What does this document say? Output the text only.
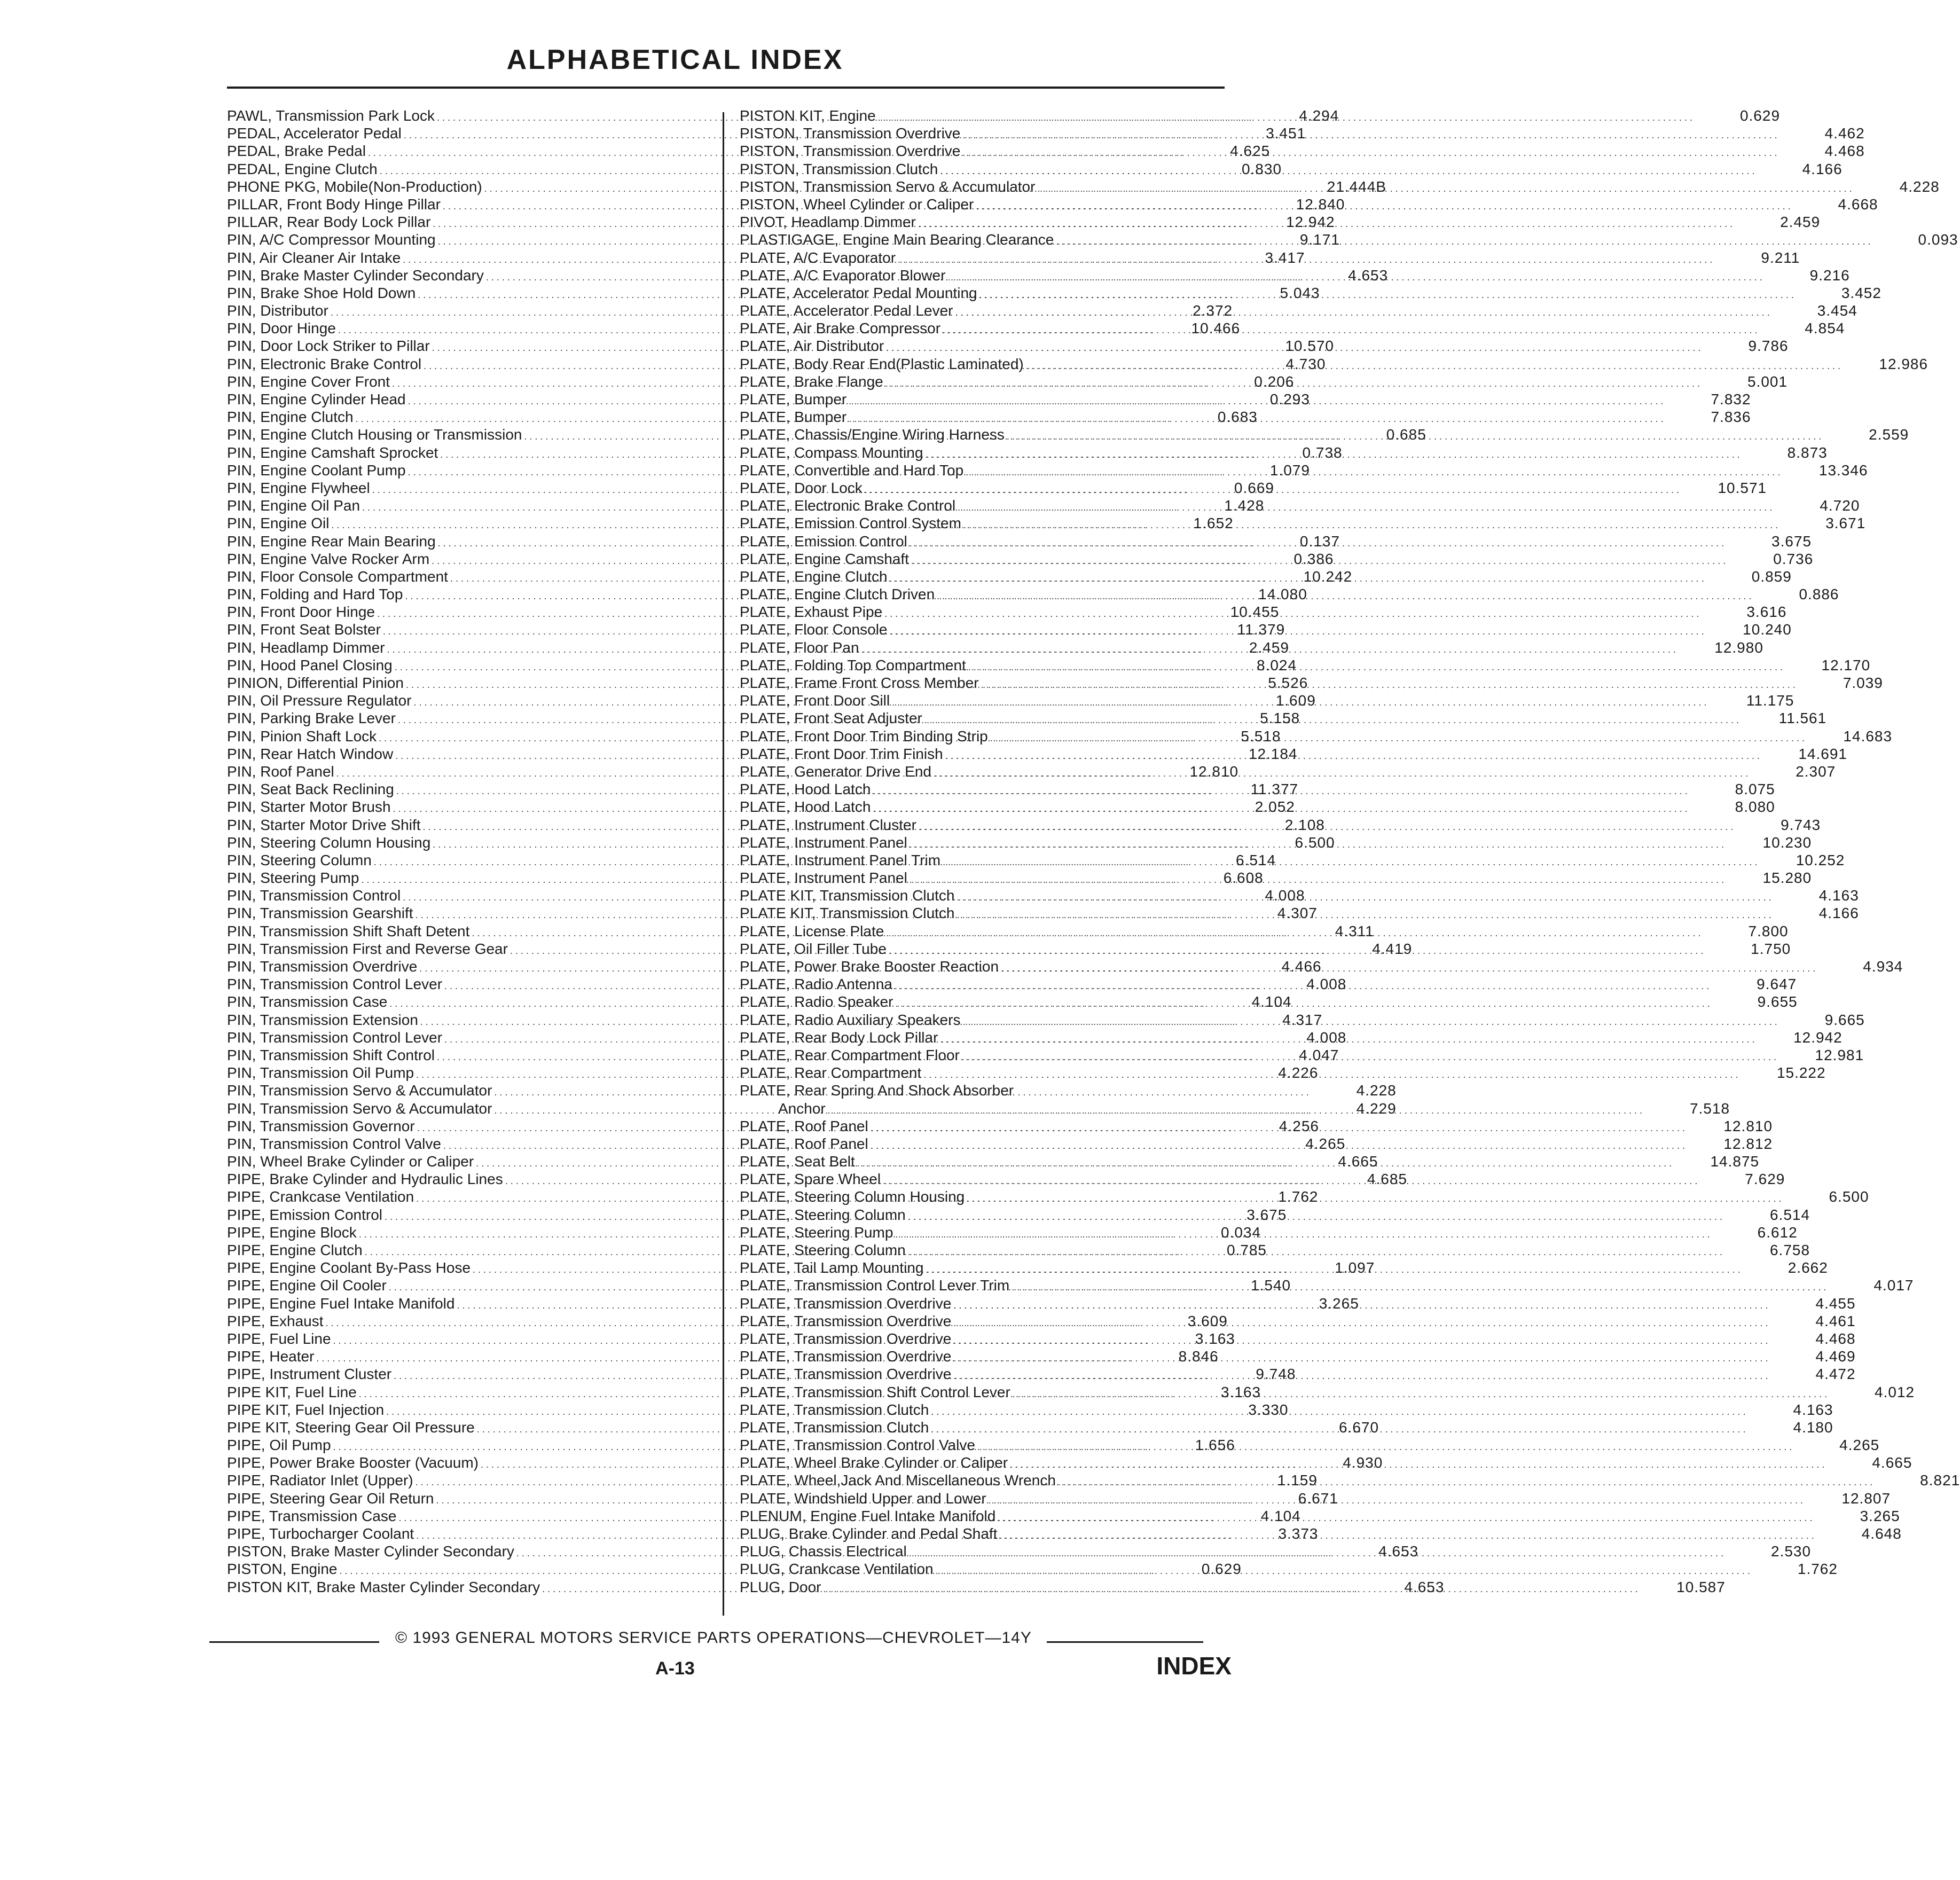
ALPHABETICAL INDEX
PAWL, Transmission Park Lock . . .	4.294
PEDAL, Accelerator Pedal . . .	3.451
PEDAL, Brake Pedal . . .	4.625
PEDAL, Engine Clutch . . .	0.830
PHONE PKG, Mobile(Non-Production) . . .	21.444B
PILLAR, Front Body Hinge Pillar . . .	12.840
PILLAR, Rear Body Lock Pillar . . .	12.942
PIN, A/C Compressor Mounting . . .	9.171
PIN, Air Cleaner Air Intake . . .	3.417
PIN, Brake Master Cylinder Secondary . . .	4.653
PIN, Brake Shoe Hold Down . . .	5.043
PIN, Distributor . . .	2.372
PIN, Door Hinge . . .	10.466
PIN, Door Lock Striker to Pillar . . .	10.570
PIN, Electronic Brake Control . . .	4.730
PIN, Engine Cover Front . . .	0.206
PIN, Engine Cylinder Head . . .	0.293
PIN, Engine Clutch . . .	0.683
PIN, Engine Clutch Housing or Transmission . . .	0.685
PIN, Engine Camshaft Sprocket . . .	0.738
PIN, Engine Coolant Pump . . .	1.079
PIN, Engine Flywheel . . .	0.669
PIN, Engine Oil Pan . . .	1.428
PIN, Engine Oil . . .	1.652
PIN, Engine Rear Main Bearing . . .	0.137
PIN, Engine Valve Rocker Arm . . .	0.386
PIN, Floor Console Compartment . . .	10.242
PIN, Folding and Hard Top . . .	14.080
PIN, Front Door Hinge . . .	10.455
PIN, Front Seat Bolster . . .	11.379
PIN, Headlamp Dimmer . . .	2.459
PIN, Hood Panel Closing . . .	8.024
PINION, Differential Pinion . . .	5.526
PIN, Oil Pressure Regulator . . .	1.609
PIN, Parking Brake Lever . . .	5.158
PIN, Pinion Shaft Lock . . .	5.518
PIN, Rear Hatch Window . . .	12.184
PIN, Roof Panel . . .	12.810
PIN, Seat Back Reclining . . .	11.377
PIN, Starter Motor Brush . . .	2.052
PIN, Starter Motor Drive Shift . . .	2.108
PIN, Steering Column Housing . . .	6.500
PIN, Steering Column . . .	6.514
PIN, Steering Pump . . .	6.608
PIN, Transmission Control . . .	4.008
PIN, Transmission Gearshift . . .	4.307
PIN, Transmission Shift Shaft Detent . . .	4.311
PIN, Transmission First and Reverse Gear . . .	4.419
PIN, Transmission Overdrive . . .	4.466
PIN, Transmission Control Lever . . .	4.008
PIN, Transmission Case . . .	4.104
PIN, Transmission Extension . . .	4.317
PIN, Transmission Control Lever . . .	4.008
PIN, Transmission Shift Control . . .	4.047
PIN, Transmission Oil Pump . . .	4.226
PIN, Transmission Servo & Accumulator . . .	4.228
PIN, Transmission Servo & Accumulator . . .	4.229
PIN, Transmission Governor . . .	4.256
PIN, Transmission Control Valve . . .	4.265
PIN, Wheel Brake Cylinder or Caliper . . .	4.665
PIPE, Brake Cylinder and Hydraulic Lines . . .	4.685
PIPE, Crankcase Ventilation . . .	1.762
PIPE, Emission Control . . .	3.675
PIPE, Engine Block . . .	0.034
PIPE, Engine Clutch . . .	0.785
PIPE, Engine Coolant By-Pass Hose . . .	1.097
PIPE, Engine Oil Cooler . . .	1.540
PIPE, Engine Fuel Intake Manifold . . .	3.265
PIPE, Exhaust . . .	3.609
PIPE, Fuel Line . . .	3.163
PIPE, Heater . . .	8.846
PIPE, Instrument Cluster . . .	9.748
PIPE KIT, Fuel Line . . .	3.163
PIPE KIT, Fuel Injection . . .	3.330
PIPE KIT, Steering Gear Oil Pressure . . .	6.670
PIPE, Oil Pump . . .	1.656
PIPE, Power Brake Booster (Vacuum) . . .	4.930
PIPE, Radiator Inlet (Upper) . . .	1.159
PIPE, Steering Gear Oil Return . . .	6.671
PIPE, Transmission Case . . .	4.104
PIPE, Turbocharger Coolant . . .	3.373
PISTON, Brake Master Cylinder Secondary . . .	4.653
PISTON, Engine . . .	0.629
PISTON KIT, Brake Master Cylinder Secondary . . .	4.653
PISTON KIT, Engine . . .	0.629
PISTON, Transmission Overdrive . . .	4.462
PISTON, Transmission Overdrive . . .	4.468
PISTON, Transmission Clutch . . .	4.166
PISTON, Transmission Servo & Accumulator . . .	4.228
PISTON, Wheel Cylinder or Caliper . . .	4.668
PIVOT, Headlamp Dimmer . . .	2.459
PLASTIGAGE, Engine Main Bearing Clearance . . .	0.093
PLATE, A/C Evaporator . . .	9.211
PLATE, A/C Evaporator Blower . . .	9.216
PLATE, Accelerator Pedal Mounting . . .	3.452
PLATE, Accelerator Pedal Lever . . .	3.454
PLATE, Air Brake Compressor . . .	4.854
PLATE, Air Distributor . . .	9.786
PLATE, Body Rear End(Plastic Laminated) . . .	12.986
PLATE, Brake Flange . . .	5.001
PLATE, Bumper . . .	7.832
PLATE, Bumper . . .	7.836
PLATE, Chassis/Engine Wiring Harness . . .	2.559
PLATE, Compass Mounting . . .	8.873
PLATE, Convertible and Hard Top . . .	13.346
PLATE, Door Lock . . .	10.571
PLATE, Electronic Brake Control . . .	4.720
PLATE, Emission Control System . . .	3.671
PLATE, Emission Control . . .	3.675
PLATE, Engine Camshaft . . .	0.736
PLATE, Engine Clutch . . .	0.859
PLATE, Engine Clutch Driven . . .	0.886
PLATE, Exhaust Pipe . . .	3.616
PLATE, Floor Console . . .	10.240
PLATE, Floor Pan . . .	12.980
PLATE, Folding Top Compartment . . .	12.170
PLATE, Frame Front Cross Member . . .	7.039
PLATE, Front Door Sill . . .	11.175
PLATE, Front Seat Adjuster . . .	11.561
PLATE, Front Door Trim Binding Strip . . .	14.683
PLATE, Front Door Trim Finish . . .	14.691
PLATE, Generator Drive End . . .	2.307
PLATE, Hood Latch . . .	8.075
PLATE, Hood Latch . . .	8.080
PLATE, Instrument Cluster . . .	9.743
PLATE, Instrument Panel . . .	10.230
PLATE, Instrument Panel Trim . . .	10.252
PLATE, Instrument Panel . . .	15.280
PLATE KIT, Transmission Clutch . . .	4.163
PLATE KIT, Transmission Clutch . . .	4.166
PLATE, License Plate . . .	7.800
PLATE, Oil Filler Tube . . .	1.750
PLATE, Power Brake Booster Reaction . . .	4.934
PLATE, Radio Antenna . . .	9.647
PLATE, Radio Speaker . . .	9.655
PLATE, Radio Auxiliary Speakers . . .	9.665
PLATE, Rear Body Lock Pillar . . .	12.942
PLATE, Rear Compartment Floor . . .	12.981
PLATE, Rear Compartment . . .	15.222
PLATE, Rear Spring And Shock Absorber
Anchor . . .	7.518
PLATE, Roof Panel . . .	12.810
PLATE, Roof Panel . . .	12.812
PLATE, Seat Belt . . .	14.875
PLATE, Spare Wheel . . .	7.629
PLATE, Steering Column Housing . . .	6.500
PLATE, Steering Column . . .	6.514
PLATE, Steering Pump . . .	6.612
PLATE, Steering Column . . .	6.758
PLATE, Tail Lamp Mounting . . .	2.662
PLATE, Transmission Control Lever Trim . . .	4.017
PLATE, Transmission Overdrive . . .	4.455
PLATE, Transmission Overdrive . . .	4.461
PLATE, Transmission Overdrive . . .	4.468
PLATE, Transmission Overdrive . . .	4.469
PLATE, Transmission Overdrive . . .	4.472
PLATE, Transmission Shift Control Lever . . .	4.012
PLATE, Transmission Clutch . . .	4.163
PLATE, Transmission Clutch . . .	4.180
PLATE, Transmission Control Valve . . .	4.265
PLATE, Wheel Brake Cylinder or Caliper . . .	4.665
PLATE, Wheel,Jack And Miscellaneous Wrench . . .	8.821
PLATE, Windshield Upper and Lower . . .	12.807
PLENUM, Engine Fuel Intake Manifold . . .	3.265
PLUG, Brake Cylinder and Pedal Shaft . . .	4.648
PLUG, Chassis Electrical . . .	2.530
PLUG, Crankcase Ventilation . . .	1.762
PLUG, Door . . .	10.587
© 1993 GENERAL MOTORS SERVICE PARTS OPERATIONS—CHEVROLET—14Y
A-13	INDEX
